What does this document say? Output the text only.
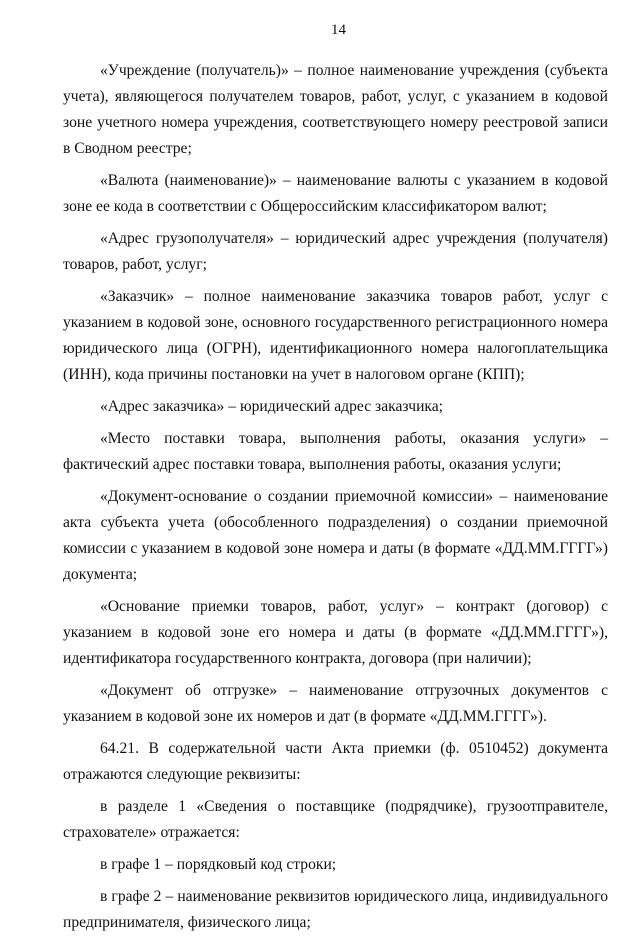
14

«Учреждение (получатель)» – полное наименование учреждения (субъекта учета), являющегося получателем товаров, работ, услуг, с указанием в кодовой зоне учетного номера учреждения, соответствующего номеру реестровой записи в Сводном реестре;

«Валюта (наименование)» – наименование валюты с указанием в кодовой зоне ее кода в соответствии с Общероссийским классификатором валют;

«Адрес грузополучателя» – юридический адрес учреждения (получателя) товаров, работ, услуг;

«Заказчик» – полное наименование заказчика товаров работ, услуг с указанием в кодовой зоне, основного государственного регистрационного номера юридического лица (ОГРН), идентификационного номера налогоплательщика (ИНН), кода причины постановки на учет в налоговом органе (КПП);

«Адрес заказчика» – юридический адрес заказчика;

«Место поставки товара, выполнения работы, оказания услуги» – фактический адрес поставки товара, выполнения работы, оказания услуги;

«Документ-основание о создании приемочной комиссии» – наименование акта субъекта учета (обособленного подразделения) о создании приемочной комиссии с указанием в кодовой зоне номера и даты (в формате «ДД.ММ.ГГГГ») документа;

«Основание приемки товаров, работ, услуг» – контракт (договор) с указанием в кодовой зоне его номера и даты (в формате «ДД.ММ.ГГГГ»), идентификатора государственного контракта, договора (при наличии);

«Документ об отгрузке» – наименование отгрузочных документов с указанием в кодовой зоне их номеров и дат (в формате «ДД.ММ.ГГГГ»).

64.21. В содержательной части Акта приемки (ф. 0510452) документа отражаются следующие реквизиты:

в разделе 1 «Сведения о поставщике (подрядчике), грузоотправителе, страхователе» отражается:

в графе 1 – порядковый код строки;

в графе 2 – наименование реквизитов юридического лица, индивидуального предпринимателя, физического лица;
